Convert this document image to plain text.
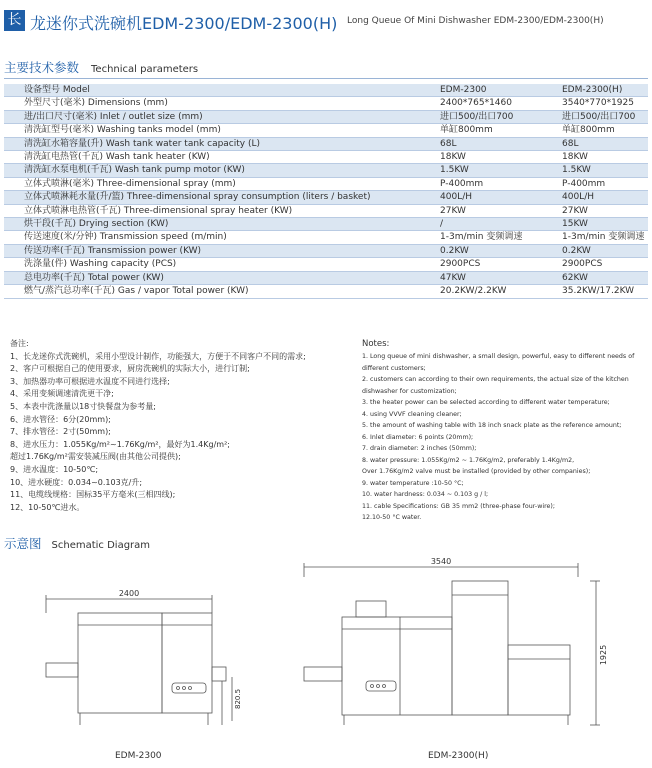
长 龙迷你式洗碗机EDM-2300/EDM-2300(H) Long Queue Of Mini Dishwasher EDM-2300/EDM-2300(H)
主要技术参数 Technical parameters
设备型号 Model	EDM-2300	EDM-2300(H)
外型尺寸(毫米) Dimensions (mm)	2400*765*1460	3540*770*1925
进/出口尺寸(毫米) Inlet / outlet size (mm)	进口500/出口700	进口500/出口700
清洗缸型号(毫米) Washing tanks model (mm)	单缸800mm	单缸800mm
清洗缸水箱容量(升) Wash tank water tank capacity (L)	68L	68L
清洗缸电热管(千瓦) Wash tank heater (KW)	18KW	18KW
清洗缸水泵电机(千瓦) Wash tank pump motor (KW)	1.5KW	1.5KW
立体式喷淋(毫米) Three-dimensional spray (mm)	P-400mm	P-400mm
立体式喷淋耗水量(升/篮) Three-dimensional spray consumption (liters / basket)	400L/H	400L/H
立体式喷淋电热管(千瓦) Three-dimensional spray heater (KW)	27KW	27KW
烘干段(千瓦) Drying section (KW)	/	15KW
传送速度(米/分钟) Transmission speed (m/min)	1-3m/min 变频调速	1-3m/min 变频调速
传送功率(千瓦) Transmission power (KW)	0.2KW	0.2KW
洗涤量(件) Washing capacity (PCS)	2900PCS	2900PCS
总电功率(千瓦) Total power (KW)	47KW	62KW
燃气/蒸汽总功率(千瓦) Gas / vapor Total power (KW)	20.2KW/2.2KW	35.2KW/17.2KW
备注:
1、长龙迷你式洗碗机，采用小型设计制作，功能强大，方便于不同客户不同的需求;
2、客户可根据自己的使用要求，厨房洗碗机的实际大小，进行订制;
3、加热器功率可根据进水温度不同进行选择;
4、采用变频调速清洗更干净;
5、本表中洗涤量以18寸快餐盘为参考量;
6、进水管径：6分(20mm);
7、排水管径：2寸(50mm);
8、进水压力：1.055Kg/m²~1.76Kg/m²，最好为1.4Kg/m²;
超过1.76Kg/m²需安装减压阀(由其他公司提供);
9、进水温度：10-50℃;
10、进水硬度：0.034~0.103克/升;
11、电缆线规格：国标35平方毫米(三相四线);
12、10-50℃进水。
Notes:
1. Long queue of mini dishwasher, a small design, powerful, easy to different needs of
different customers;
2. customers can according to their own requirements, the actual size of the kitchen
dishwasher for customization;
3. the heater power can be selected according to different water temperature;
4. using VVVF cleaning cleaner;
5. the amount of washing table with 18 inch snack plate as the reference amount;
6. Inlet diameter: 6 points (20mm);
7. drain diameter: 2 inches (50mm);
8. water pressure: 1.055Kg/m2 ~ 1.76Kg/m2, preferably 1.4Kg/m2,
Over 1.76Kg/m2 valve must be installed (provided by other companies);
9. water temperature :10-50 °C;
10. water hardness: 0.034 ~ 0.103 g / l;
11. cable Specifications: GB 35 mm2 (three-phase four-wire);
12.10-50 °C water.
示意图 Schematic Diagram
2400
820.5
3540
1925
EDM-2300	EDM-2300(H)
